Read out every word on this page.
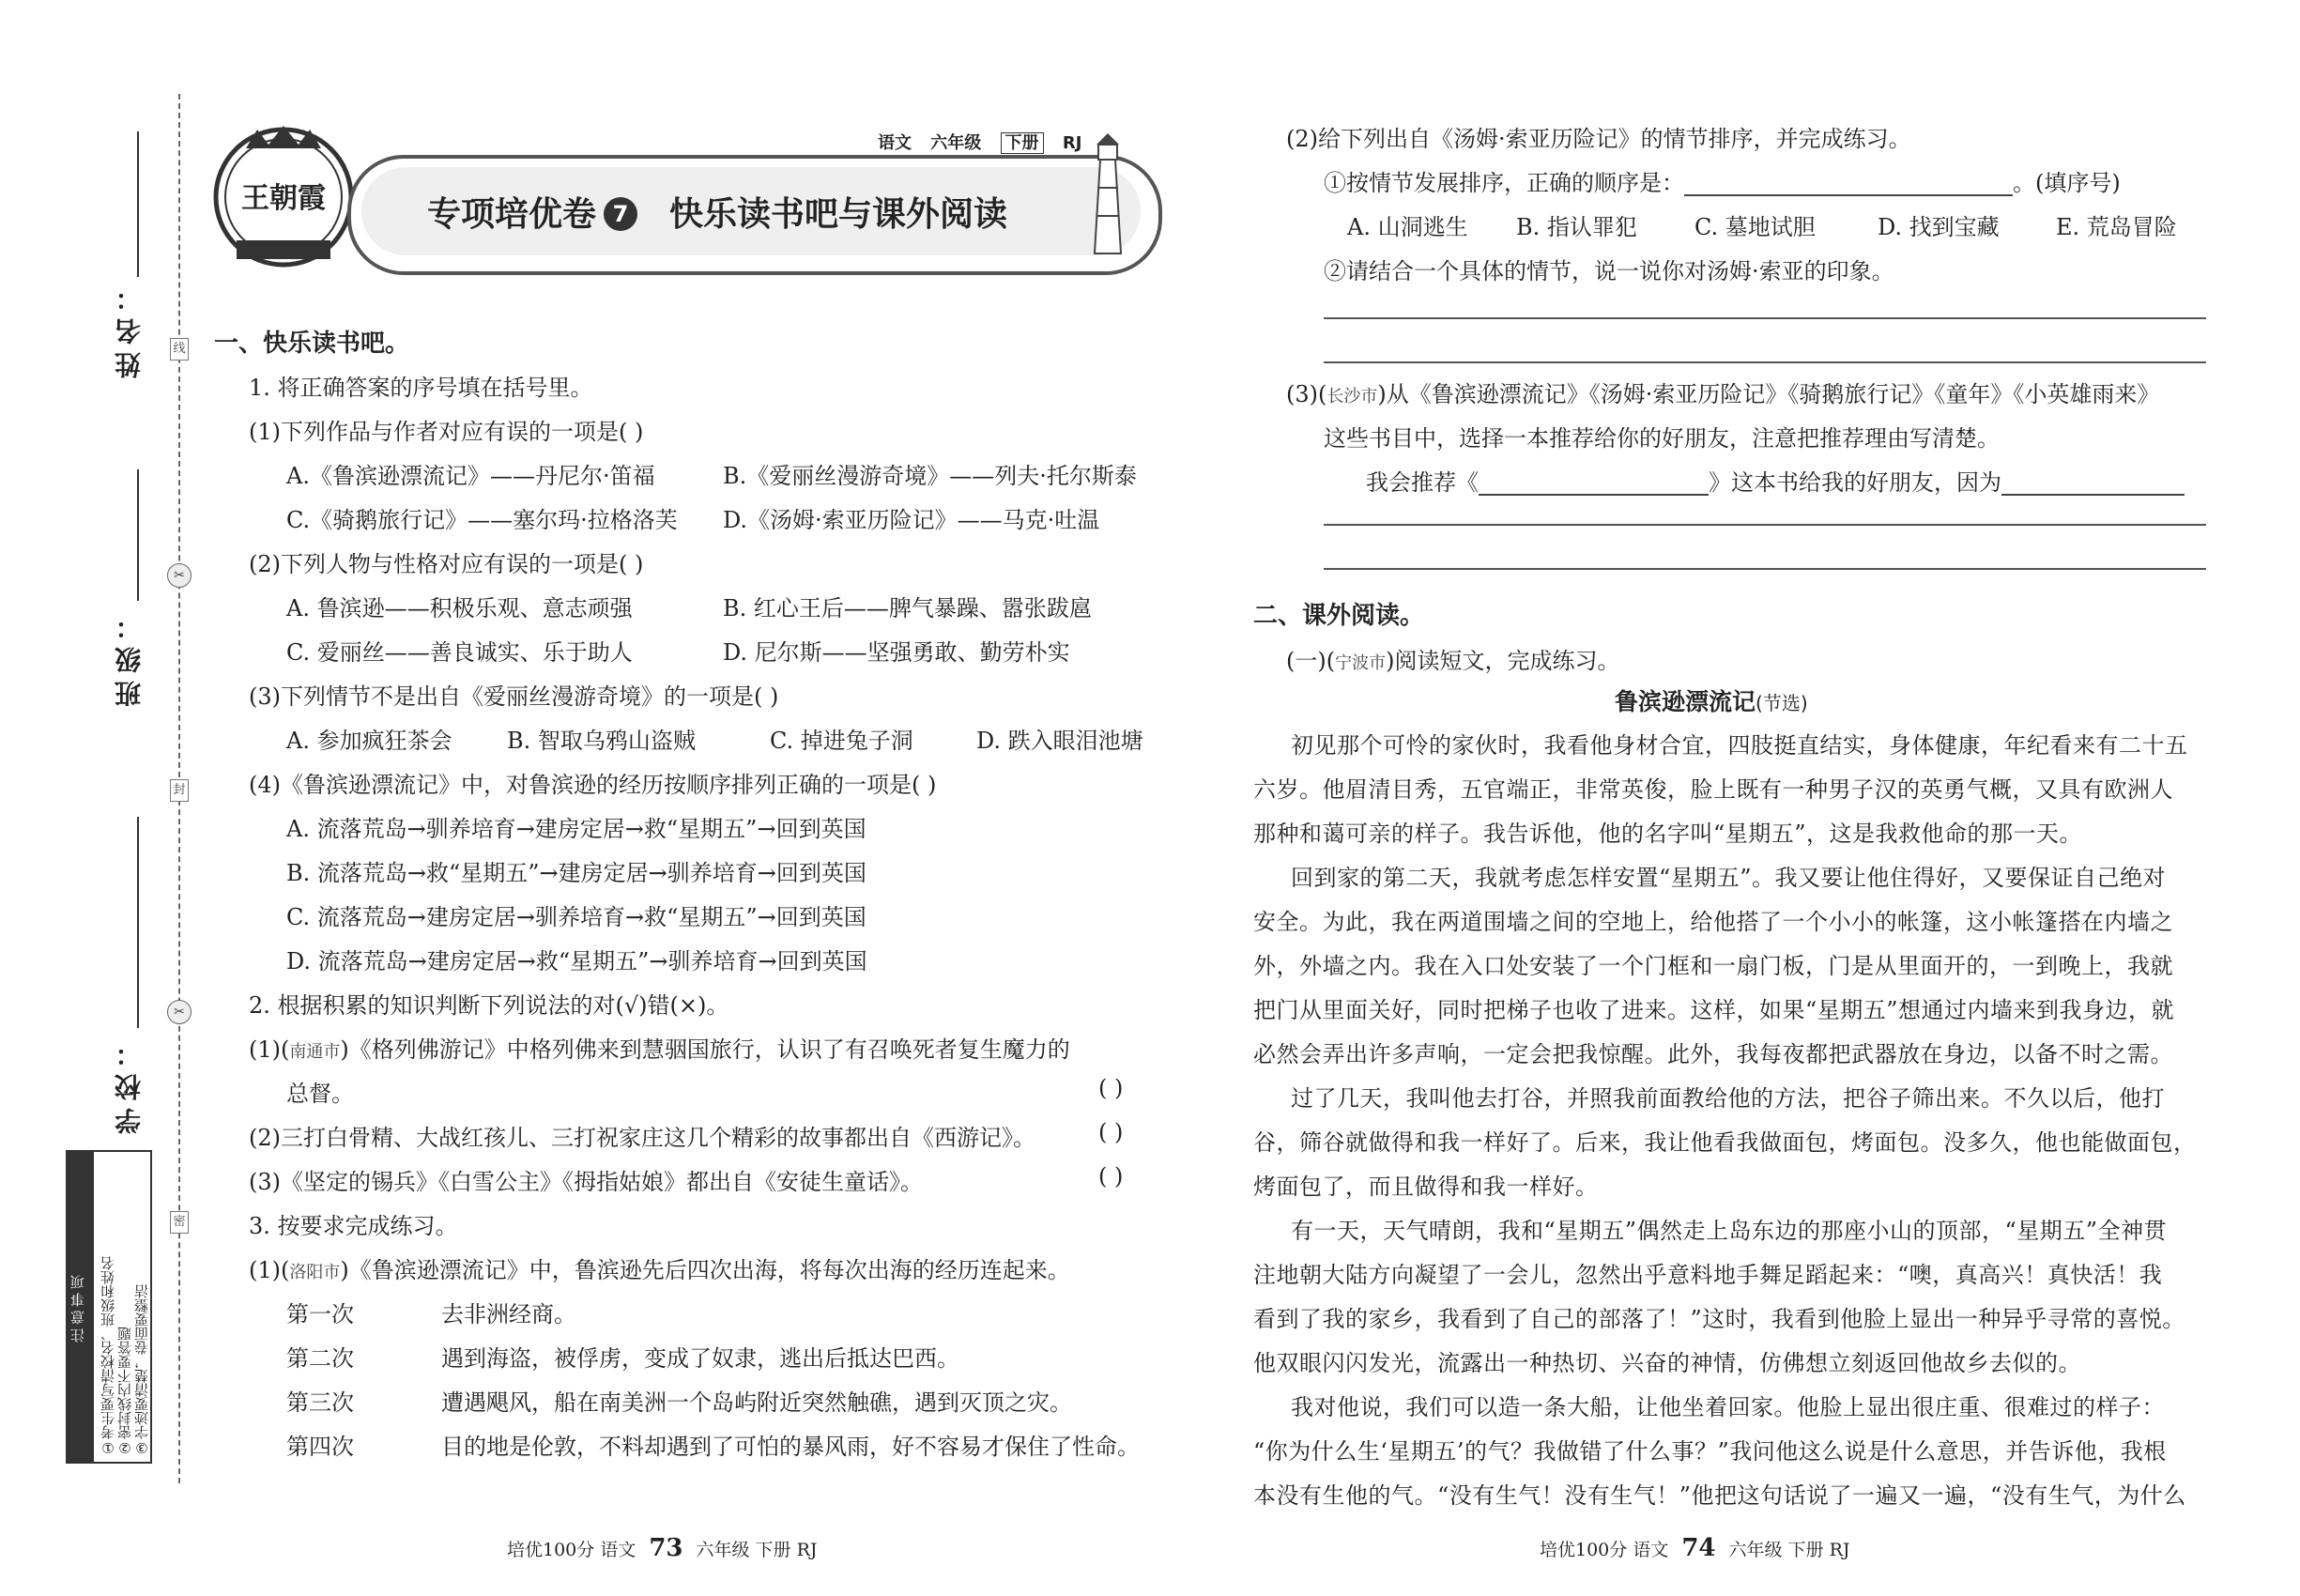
姓名：
班级：
学校：
线
封
密
✂
✂
注意事项 ①考生要写清校名、班级和姓名 ②密封线内不要答题 ③字迹要清楚，卷面要整洁
王朝霞
语文 六年级 下册 RJ
专项培优卷 7 快乐读书吧与课外阅读
一、快乐读书吧。
1. 将正确答案的序号填在括号里。
(1)下列作品与作者对应有误的一项是( )
A.《鲁滨逊漂流记》——丹尼尔·笛福	B.《爱丽丝漫游奇境》——列夫·托尔斯泰
C.《骑鹅旅行记》——塞尔玛·拉格洛芙 D.《汤姆·索亚历险记》——马克·吐温
(2)下列人物与性格对应有误的一项是( )
A. 鲁滨逊——积极乐观、意志顽强	B. 红心王后——脾气暴躁、嚣张跋扈
C. 爱丽丝——善良诚实、乐于助人	D. 尼尔斯——坚强勇敢、勤劳朴实
(3)下列情节不是出自《爱丽丝漫游奇境》的一项是( )
A. 参加疯狂茶会 B. 智取乌鸦山盗贼	C. 掉进兔子洞	D. 跌入眼泪池塘
(4)《鲁滨逊漂流记》中，对鲁滨逊的经历按顺序排列正确的一项是( )
A. 流落荒岛→驯养培育→建房定居→救“星期五”→回到英国
B. 流落荒岛→救“星期五”→建房定居→驯养培育→回到英国
C. 流落荒岛→建房定居→驯养培育→救“星期五”→回到英国
D. 流落荒岛→建房定居→救“星期五”→驯养培育→回到英国
2. 根据积累的知识判断下列说法的对(√)错(×)。
(1)(南通市)《格列佛游记》中格列佛来到慧骃国旅行，认识了有召唤死者复生魔力的
总督。	( )
(2)三打白骨精、大战红孩儿、三打祝家庄这几个精彩的故事都出自《西游记》。	( )
(3)《坚定的锡兵》《白雪公主》《拇指姑娘》都出自《安徒生童话》。	( )
3. 按要求完成练习。
(1)(洛阳市)《鲁滨逊漂流记》中，鲁滨逊先后四次出海，将每次出海的经历连起来。
第一次	去非洲经商。
第二次	遇到海盗，被俘虏，变成了奴隶，逃出后抵达巴西。
第三次	遭遇飓风，船在南美洲一个岛屿附近突然触礁，遇到灭顶之灾。
第四次	目的地是伦敦，不料却遇到了可怕的暴风雨，好不容易才保住了性命。
(2)给下列出自《汤姆·索亚历险记》的情节排序，并完成练习。
①按情节发展排序，正确的顺序是：	。(填序号)
A. 山洞逃生 B. 指认罪犯	C. 墓地试胆	D. 找到宝藏	E. 荒岛冒险
②请结合一个具体的情节，说一说你对汤姆·索亚的印象。
(3)(长沙市)从《鲁滨逊漂流记》《汤姆·索亚历险记》《骑鹅旅行记》《童年》《小英雄雨来》
这些书目中，选择一本推荐给你的好朋友，注意把推荐理由写清楚。
我会推荐《	》这本书给我的好朋友，因为
二、课外阅读。
(一)(宁波市)阅读短文，完成练习。
鲁滨逊漂流记(节选)
初见那个可怜的家伙时，我看他身材合宜，四肢挺直结实，身体健康，年纪看来有二十五
六岁。他眉清目秀，五官端正，非常英俊，脸上既有一种男子汉的英勇气概，又具有欧洲人
那种和蔼可亲的样子。我告诉他，他的名字叫“星期五”，这是我救他命的那一天。
回到家的第二天，我就考虑怎样安置“星期五”。我又要让他住得好，又要保证自己绝对
安全。为此，我在两道围墙之间的空地上，给他搭了一个小小的帐篷，这小帐篷搭在内墙之
外，外墙之内。我在入口处安装了一个门框和一扇门板，门是从里面开的，一到晚上，我就
把门从里面关好，同时把梯子也收了进来。这样，如果“星期五”想通过内墙来到我身边，就
必然会弄出许多声响，一定会把我惊醒。此外，我每夜都把武器放在身边，以备不时之需。
过了几天，我叫他去打谷，并照我前面教给他的方法，把谷子筛出来。不久以后，他打
谷，筛谷就做得和我一样好了。后来，我让他看我做面包，烤面包。没多久，他也能做面包，
烤面包了，而且做得和我一样好。
有一天，天气晴朗，我和“星期五”偶然走上岛东边的那座小山的顶部，“星期五”全神贯
注地朝大陆方向凝望了一会儿，忽然出乎意料地手舞足蹈起来：“噢，真高兴！真快活！我
看到了我的家乡，我看到了自己的部落了！”这时，我看到他脸上显出一种异乎寻常的喜悦。
他双眼闪闪发光，流露出一种热切、兴奋的神情，仿佛想立刻返回他故乡去似的。
我对他说，我们可以造一条大船，让他坐着回家。他脸上显出很庄重、很难过的样子：
“你为什么生‘星期五’的气？我做错了什么事？”我问他这么说是什么意思，并告诉他，我根
本没有生他的气。“没有生气！没有生气！”他把这句话说了一遍又一遍，“没有生气，为什么
培优100分 语文 73 六年级 下册 RJ	培优100分 语文 74 六年级 下册 RJ
